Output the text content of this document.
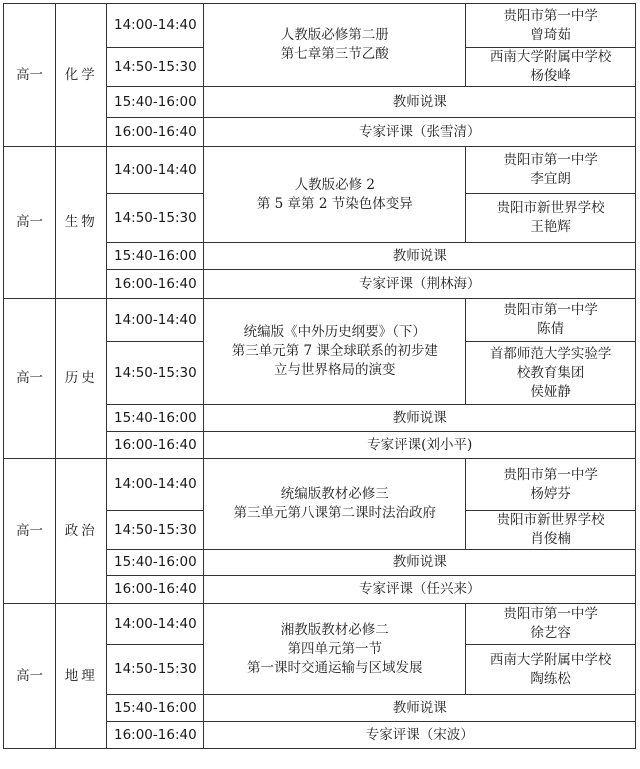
高一	化学	14:00-14:40	人教版必修第二册
第七章第三节乙酸	贵阳市第一中学
曾琦茹

		14:50-15:30		西南大学附属中学校
杨俊峰

		15:40-16:00	教师说课	
		16:00-16:40	专家评课（张雪清）	
高一	生物	14:00-14:40	人教版必修 2
第 5 章第 2 节染色体变异	贵阳市第一中学
李宜朗

		14:50-15:30		贵阳市新世界学校
王艳辉

		15:40-16:00	教师说课	
		16:00-16:40	专家评课（荆林海）	
高一	历史	14:00-14:40	统编版《中外历史纲要》（下）
第三单元第 7 课全球联系的初步建
立与世界格局的演变	贵阳市第一中学
陈倩

		14:50-15:30		首都师范大学实验学
校教育集团
侯娅静

		15:40-16:00	教师说课	
		16:00-16:40	专家评课(刘小平)	
高一	政治	14:00-14:40	统编版教材必修三
第三单元第八课第二课时法治政府	贵阳市第一中学
杨婷芬

		14:50-15:30		贵阳市新世界学校
肖俊楠

		15:40-16:00	教师说课	
		16:00-16:40	专家评课（任兴来）	
高一	地理	14:00-14:40	湘教版教材必修二
第四单元第一节
第一课时交通运输与区域发展	贵阳市第一中学
徐艺容

		14:50-15:30		西南大学附属中学校
陶练松

		15:40-16:00	教师说课	
		16:00-16:40	专家评课（宋波）	
